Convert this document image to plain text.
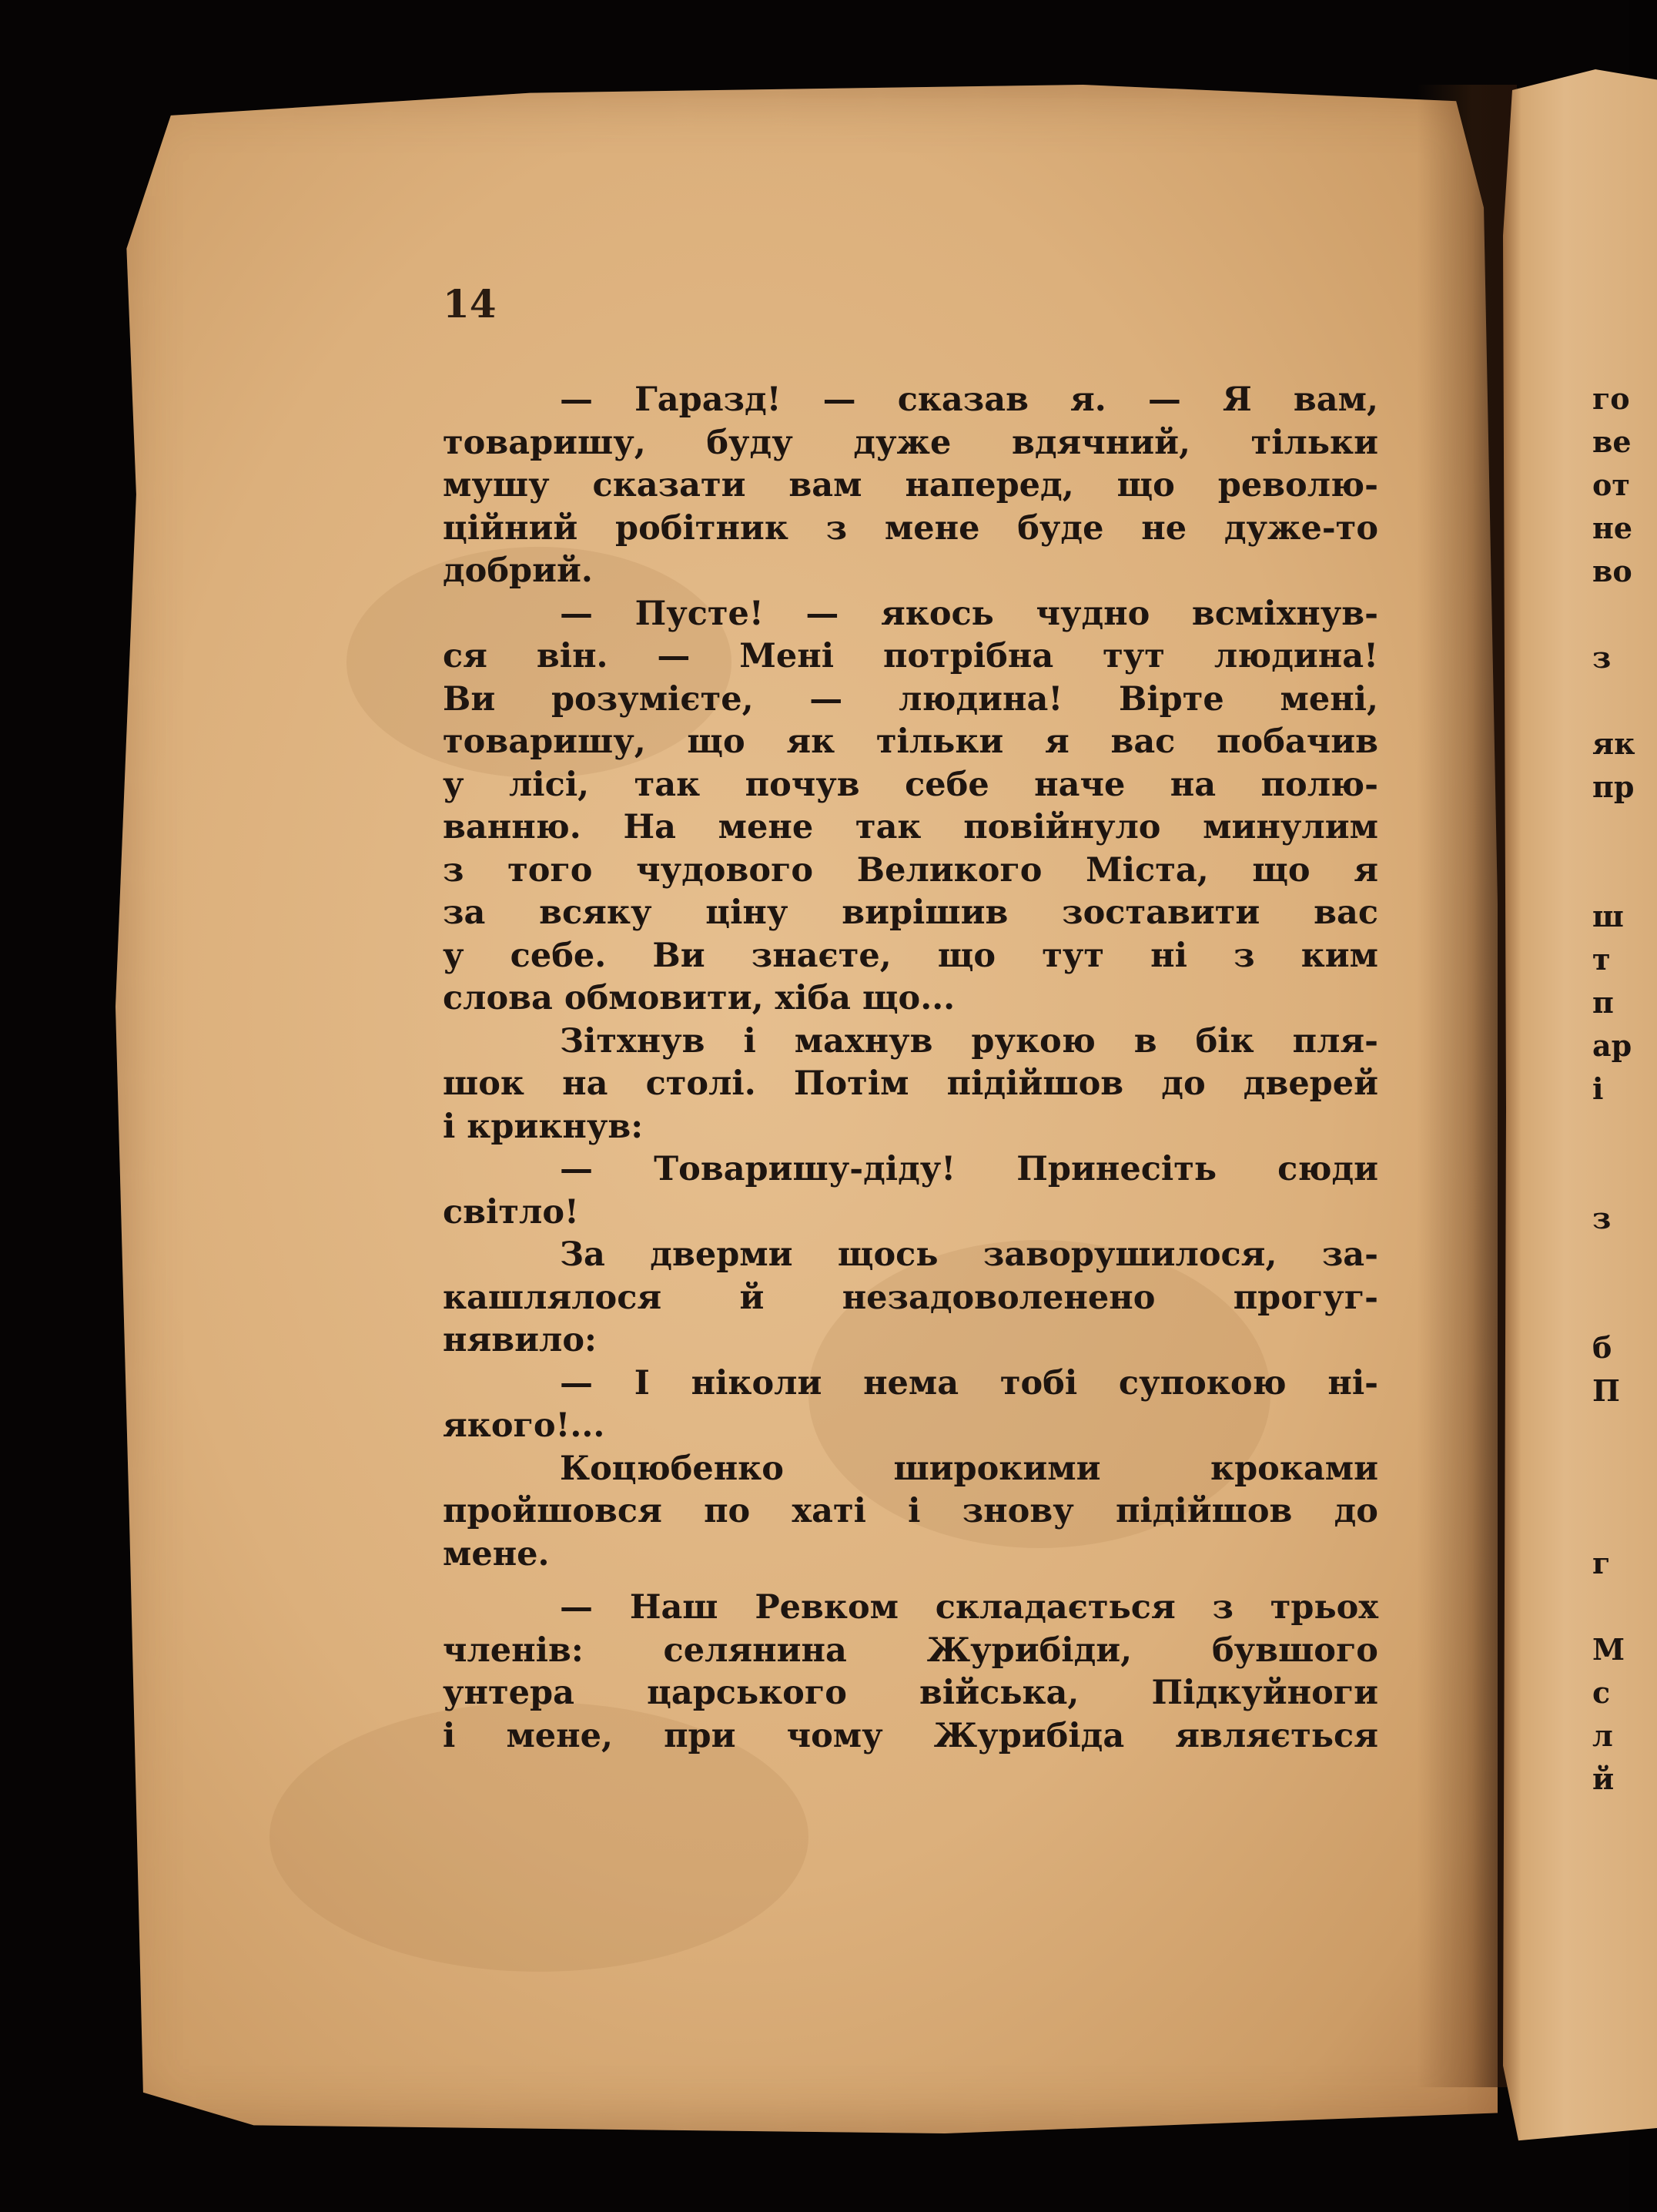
го
ве
от
не
во
з
як
пр
ш
т
п
ар
і
з
б
П
г
М
с
л
й
14
— Гаразд! — сказав я. — Я вам,
товаришу, буду дуже вдячний, тільки
мушу сказати вам наперед, що револю-
ційний робітник з мене буде не дуже-то
добрий.
— Пусте! — якось чудно всміхнув-
ся він. — Мені потрібна тут людина!
Ви розумієте, — людина! Вірте мені,
товаришу, що як тільки я вас побачив
у лісі, так почув себе наче на полю-
ванню. На мене так повійнуло минулим
з того чудового Великого Міста, що я
за всяку ціну вирішив зоставити вас
у себе. Ви знаєте, що тут ні з ким
слова обмовити, хіба що...
Зітхнув і махнув рукою в бік пля-
шок на столі. Потім підійшов до дверей
і крикнув:
— Товаришу-діду! Принесіть сюди
світло!
За дверми щось заворушилося, за-
кашлялося й незадоволенено прогуг-
нявило:
— І ніколи нема тобі супокою ні-
якого!...
Коцюбенко широкими кроками
пройшовся по хаті і знову підійшов до
мене.
— Наш Ревком складається з трьох
членів: селянина Журибіди, бувшого
унтера царського війська, Підкуйноги
і мене, при чому Журибіда являється
